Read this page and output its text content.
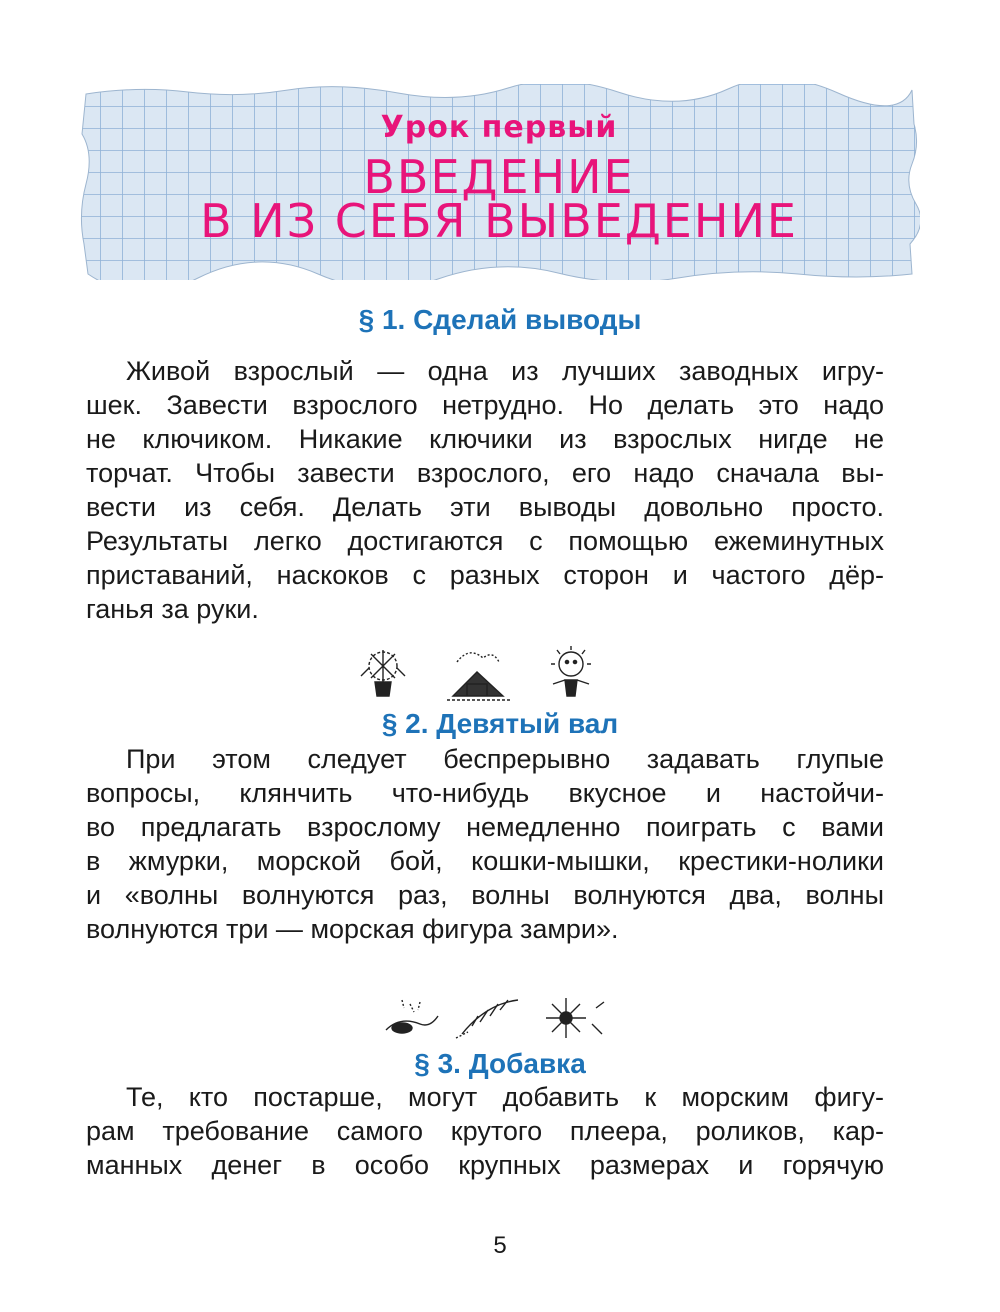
Урок первый
ВВЕДЕНИЕ
В ИЗ СЕБЯ ВЫВЕДЕНИЕ
§ 1. Сделай выводы
Живой взрослый — одна из лучших заводных игру-
шек. Завести взрослого нетрудно. Но делать это надо
не ключиком. Никакие ключики из взрослых нигде не
торчат. Чтобы завести взрослого, его надо сначала вы-
вести из себя. Делать эти выводы довольно просто.
Результаты легко достигаются с помощью ежеминутных
приставаний, наскоков с разных сторон и частого дёр-
ганья за руки.
§ 2. Девятый вал
При этом следует беспрерывно задавать глупые
вопросы, клянчить что-нибудь вкусное и настойчи-
во предлагать взрослому немедленно поиграть с вами
в жмурки, морской бой, кошки-мышки, крестики-нолики
и «волны волнуются раз, волны волнуются два, волны
волнуются три — морская фигура замри».
§ 3. Добавка
Те, кто постарше, могут добавить к морским фигу-
рам требование самого крутого плеера, роликов, кар-
манных денег в особо крупных размерах и горячую
5
